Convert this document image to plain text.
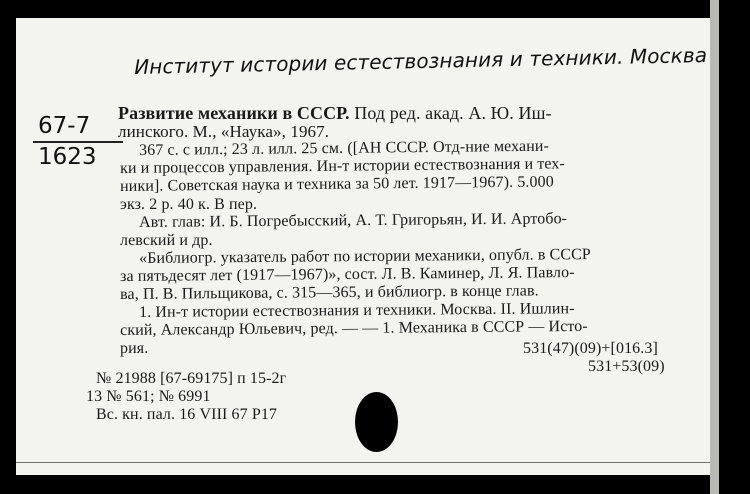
Институт истории естествознания и техники. Москва
67-7
1623
Развитие механики в СССР. Под ред. акад. А. Ю. Иш-
линского. М., «Наука», 1967.
367 с. с илл.; 23 л. илл. 25 см. ([АН СССР. Отд-ние механи-
ки и процессов управления. Ин-т истории естествознания и тех-
ники]. Советская наука и техника за 50 лет. 1917—1967). 5.000
экз. 2 р. 40 к. В пер.
Авт. глав: И. Б. Погребысский, А. Т. Григорьян, И. И. Артобо-
левский и др.
«Библиогр. указатель работ по истории механики, опубл. в СССР
за пятьдесят лет (1917—1967)», сост. Л. В. Каминер, Л. Я. Павло-
ва, П. В. Пильщикова, с. 315—365, и библиогр. в конце глав.
1. Ин-т истории естествознания и техники. Москва. II. Ишлин-
ский, Александр Юльевич, ред. — — 1. Механика в СССР — Исто-
рия.	531(47)(09)+[016.3]
531+53(09)
№ 21988 [67-69175] п 15-2г
13 № 561; № 6991
Вс. кн. пал. 16 VIII 67 Р17
